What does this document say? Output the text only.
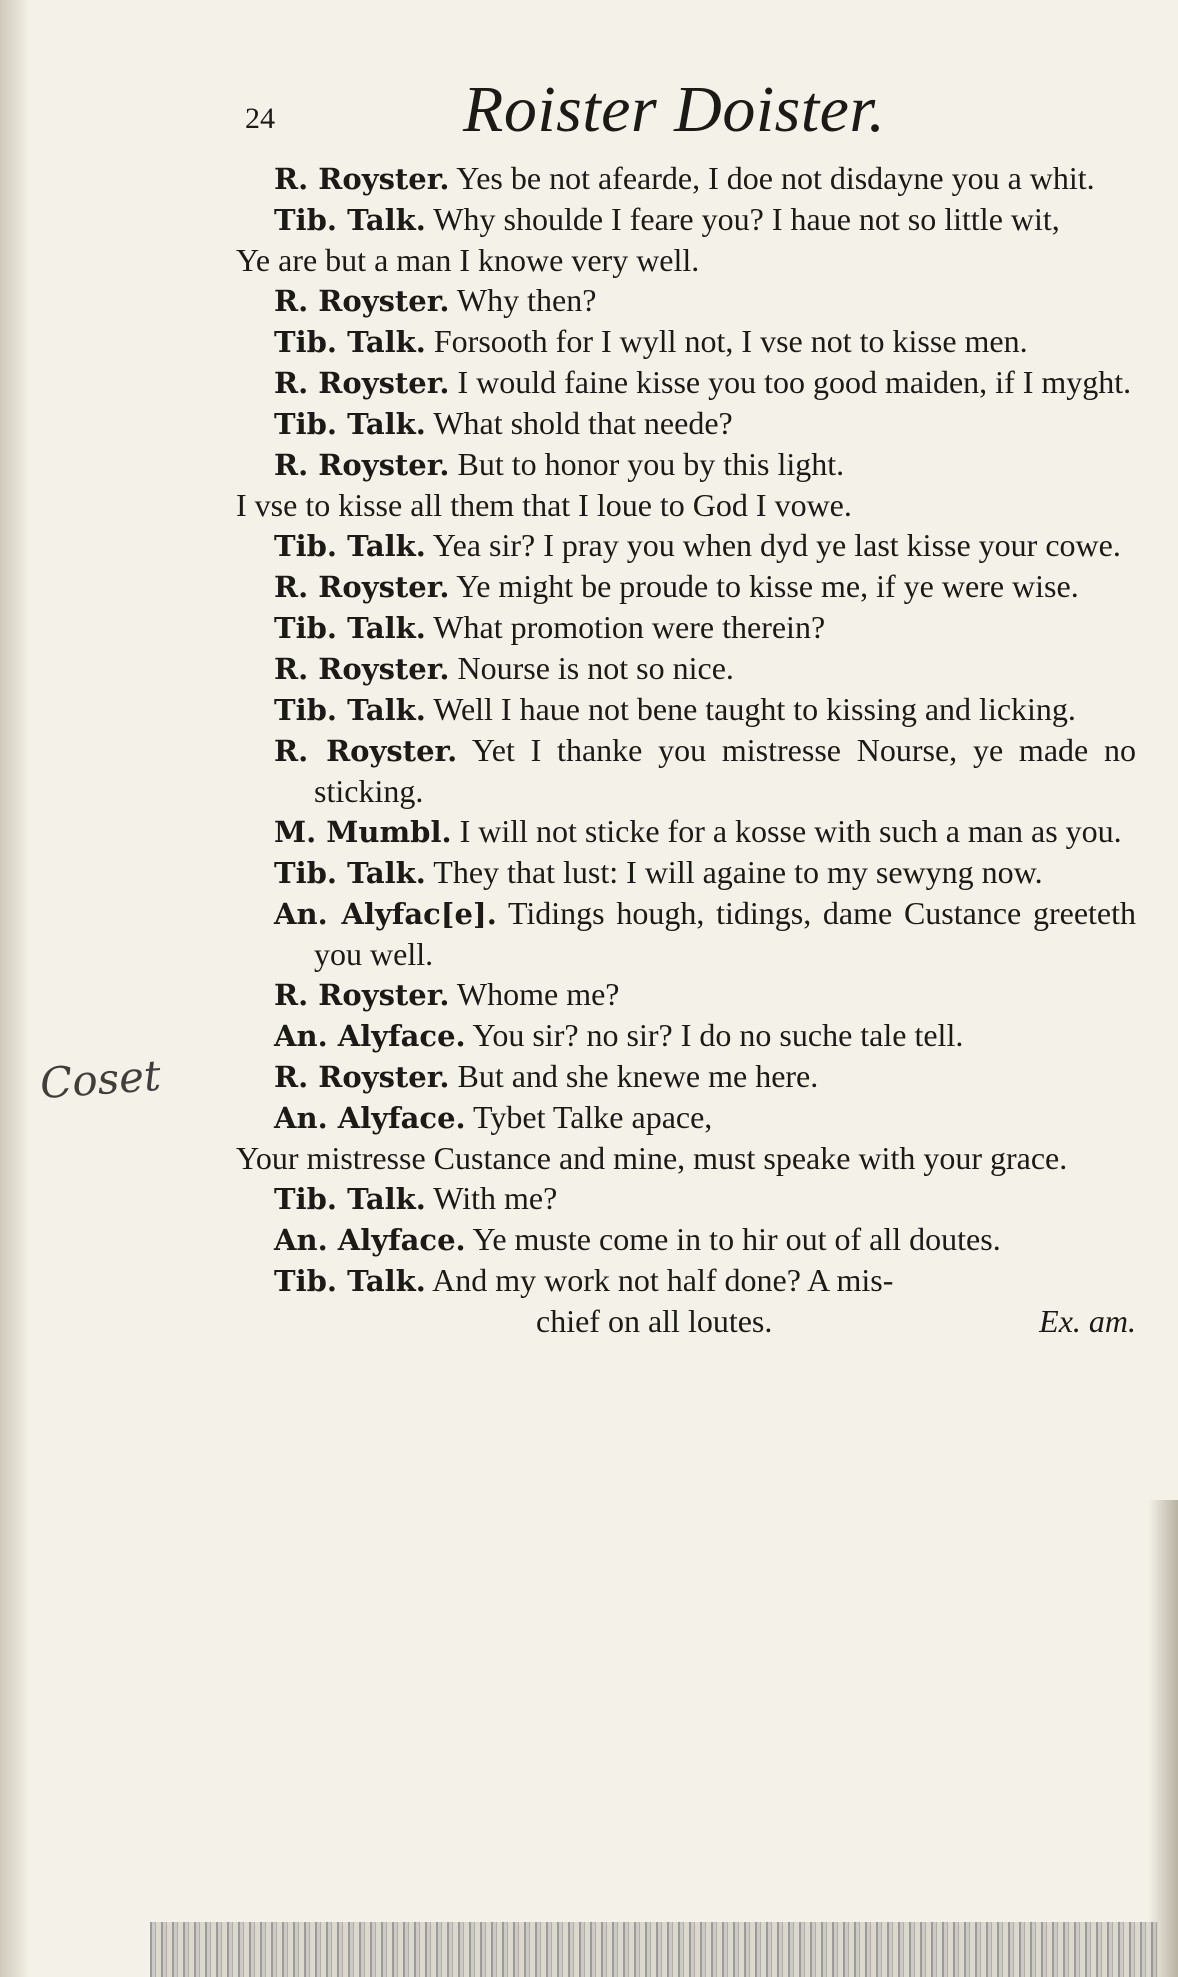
24	Roister Doister.
Coset
R. Royster. Yes be not afearde, I doe not disdayne you a whit.
Tib. Talk. Why shoulde I feare you? I haue not so little wit,
Ye are but a man I knowe very well.
R. Royster. Why then?
Tib. Talk. Forsooth for I wyll not, I vse not to kisse men.
R. Royster. I would faine kisse you too good maiden, if I myght.
Tib. Talk. What shold that neede?
R. Royster. But to honor you by this light.
I vse to kisse all them that I loue to God I vowe.
Tib. Talk. Yea sir? I pray you when dyd ye last kisse your cowe.
R. Royster. Ye might be proude to kisse me, if ye were wise.
Tib. Talk. What promotion were therein?
R. Royster. Nourse is not so nice.
Tib. Talk. Well I haue not bene taught to kissing and licking.
R. Royster. Yet I thanke you mistresse Nourse, ye made no sticking.
M. Mumbl. I will not sticke for a kosse with such a man as you.
Tib. Talk. They that lust: I will againe to my sewyng now.
An. Alyfac[e]. Tidings hough, tidings, dame Custance greeteth you well.
R. Royster. Whome me?
An. Alyface. You sir? no sir? I do no suche tale tell.
R. Royster. But and she knewe me here.
An. Alyface. Tybet Talke apace,
Your mistresse Custance and mine, must speake with your grace.
Tib. Talk. With me?
An. Alyface. Ye muste come in to hir out of all doutes.
Tib. Talk. And my work not half done? A mis-
chief on all loutes.	Ex. am.
